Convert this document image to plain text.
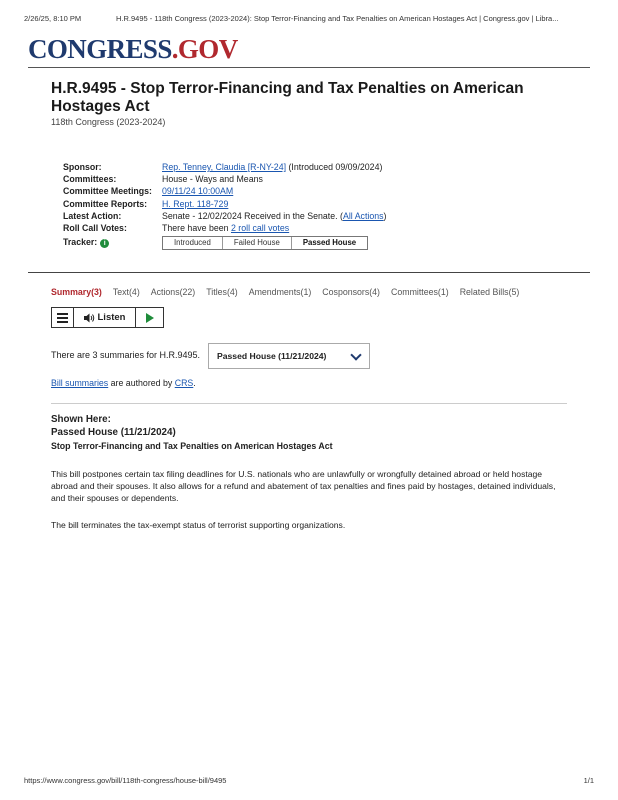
2/26/25, 8:10 PM	H.R.9495 - 118th Congress (2023-2024): Stop Terror-Financing and Tax Penalties on American Hostages Act | Congress.gov | Libra...
CONGRESS.GOV
H.R.9495 - Stop Terror-Financing and Tax Penalties on American Hostages Act
118th Congress (2023-2024)
Sponsor:	Rep. Tenney, Claudia [R-NY-24] (Introduced 09/09/2024)
Committees:	House - Ways and Means
Committee Meetings:	09/11/24 10:00AM
Committee Reports:	H. Rept. 118-729
Latest Action:	Senate - 12/02/2024 Received in the Senate. (All Actions)
Roll Call Votes:	There have been 2 roll call votes
Tracker: i	Introduced	Failed House	Passed House
Summary(3) Text(4) Actions(22) Titles(4) Amendments(1) Cosponsors(4) Committees(1) Related Bills(5)
Listen
There are 3 summaries for H.R.9495. Passed House (11/21/2024)
Bill summaries are authored by CRS.
Shown Here:
Passed House (11/21/2024)
Stop Terror-Financing and Tax Penalties on American Hostages Act

This bill postpones certain tax filing deadlines for U.S. nationals who are unlawfully or wrongfully detained abroad or held hostage abroad and their spouses. It also allows for a refund and abatement of tax penalties and fines paid by hostages, detained individuals, and their spouses or dependents.

The bill terminates the tax-exempt status of terrorist supporting organizations.

https://www.congress.gov/bill/118th-congress/house-bill/9495	1/1
